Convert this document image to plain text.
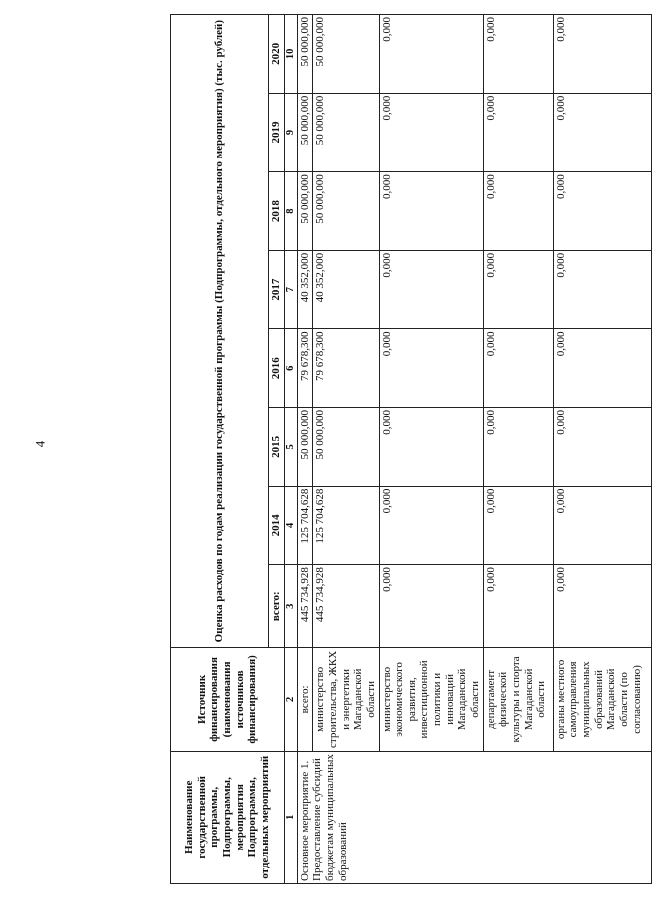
4
Наименование государственной программы, Подпрограммы, мероприятия Подпрограммы, отдельных мероприятий	Источник финансирования (наименования источников финансирования)	Оценка расходов по годам реализации государственной программы (Подпрограммы, отдельного мероприятия) (тыс. рублей)							
		всего:	2014	2015	2016	2017	2018	2019	2020
1	2	3	4	5	6	7	8	9	10
Основное мероприятие 1. Предоставление субсидий бюджетам муниципальных образований	всего:	445 734,928	125 704,628	50 000,000	79 678,300	40 352,000	50 000,000	50 000,000	50 000,000
	министерство строительства, ЖКХ и энергетики Магаданской области	445 734,928	125 704,628	50 000,000	79 678,300	40 352,000	50 000,000	50 000,000	50 000,000
	министерство экономического развития, инвестиционной политики и инноваций Магаданской области	0,000	0,000	0,000	0,000	0,000	0,000	0,000	0,000
	департамент физической культуры и спорта Магаданской области	0,000	0,000	0,000	0,000	0,000	0,000	0,000	0,000
	органы местного самоуправления муниципальных образований Магаданской области (по согласованию)	0,000	0,000	0,000	0,000	0,000	0,000	0,000	0,000
